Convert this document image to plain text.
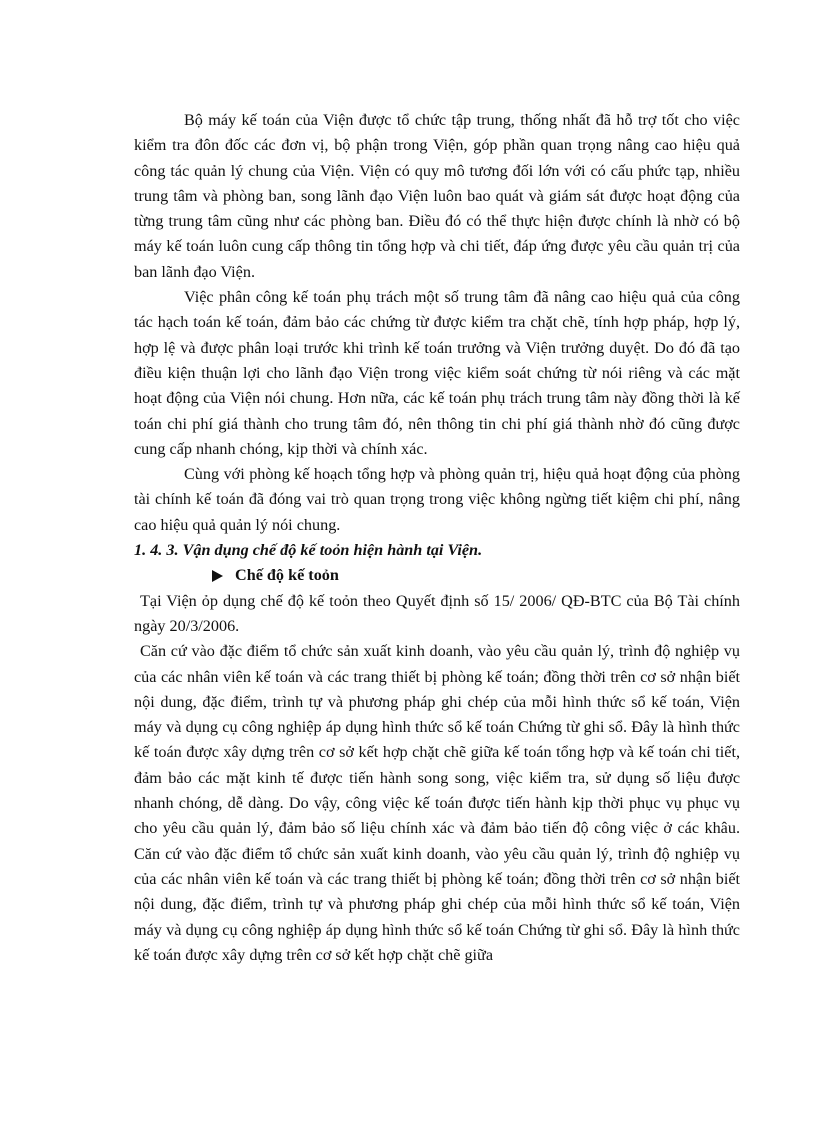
Bộ máy kế toán của Viện được tổ chức tập trung, thống nhất đã hỗ trợ tốt cho việc kiểm tra đôn đốc các đơn vị, bộ phận trong Viện, góp phần quan trọng nâng cao hiệu quả công tác quản lý chung của Viện. Viện có quy mô tương đối lớn với có cấu phức tạp, nhiều trung tâm và phòng ban, song lãnh đạo Viện luôn bao quát và giám sát được hoạt động của từng trung tâm cũng như các phòng ban. Điều đó có thể thực hiện được chính là nhờ có bộ máy kế toán luôn cung cấp thông tin tổng hợp và chi tiết, đáp ứng được yêu cầu quản trị của ban lãnh đạo Viện.

Việc phân công kế toán phụ trách một số trung tâm đã nâng cao hiệu quả của công tác hạch toán kế toán, đảm bảo các chứng từ được kiểm tra chặt chẽ, tính hợp pháp, hợp lý, hợp lệ và được phân loại trước khi trình kế toán trưởng và Viện trưởng duyệt. Do đó đã tạo điều kiện thuận lợi cho lãnh đạo Viện trong việc kiểm soát chứng từ nói riêng và các mặt hoạt động của Viện nói chung. Hơn nữa, các kế toán phụ trách trung tâm này đồng thời là kế toán chi phí giá thành cho trung tâm đó, nên thông tin chi phí giá thành nhờ đó cũng được cung cấp nhanh chóng, kịp thời và chính xác.

Cùng với phòng kế hoạch tổng hợp và phòng quản trị, hiệu quả hoạt động của phòng tài chính kế toán đã đóng vai trò quan trọng trong việc không ngừng tiết kiệm chi phí, nâng cao hiệu quả quản lý nói chung.

1. 4. 3. Vận dụng chế độ kế toỏn hiện hành tại Viện.

Chế độ kế toỏn

Tại Viện ỏp dụng chế độ kế toỏn theo Quyết định số 15/ 2006/ QĐ-BTC của Bộ Tài chính ngày 20/3/2006.

Căn cứ vào đặc điểm tổ chức sản xuất kinh doanh, vào yêu cầu quản lý, trình độ nghiệp vụ của các nhân viên kế toán và các trang thiết bị phòng kế toán; đồng thời trên cơ sở nhận biết nội dung, đặc điểm, trình tự và phương pháp ghi chép của mỗi hình thức sổ kế toán, Viện máy và dụng cụ công nghiệp áp dụng hình thức sổ kế toán Chứng từ ghi sổ. Đây là hình thức kế toán được xây dựng trên cơ sở kết hợp chặt chẽ giữa kế toán tổng hợp và kế toán chi tiết, đảm bảo các mặt kinh tế được tiến hành song song, việc kiểm tra, sử dụng số liệu được nhanh chóng, dễ dàng. Do vậy, công việc kế toán được tiến hành kịp thời phục vụ phục vụ cho yêu cầu quản lý, đảm bảo số liệu chính xác và đảm bảo tiến độ công việc ở các khâu. Căn cứ vào đặc điểm tổ chức sản xuất kinh doanh, vào yêu cầu quản lý, trình độ nghiệp vụ của các nhân viên kế toán và các trang thiết bị phòng kế toán; đồng thời trên cơ sở nhận biết nội dung, đặc điểm, trình tự và phương pháp ghi chép của mỗi hình thức sổ kế toán, Viện máy và dụng cụ công nghiệp áp dụng hình thức sổ kế toán Chứng từ ghi sổ. Đây là hình thức kế toán được xây dựng trên cơ sở kết hợp chặt chẽ giữa
